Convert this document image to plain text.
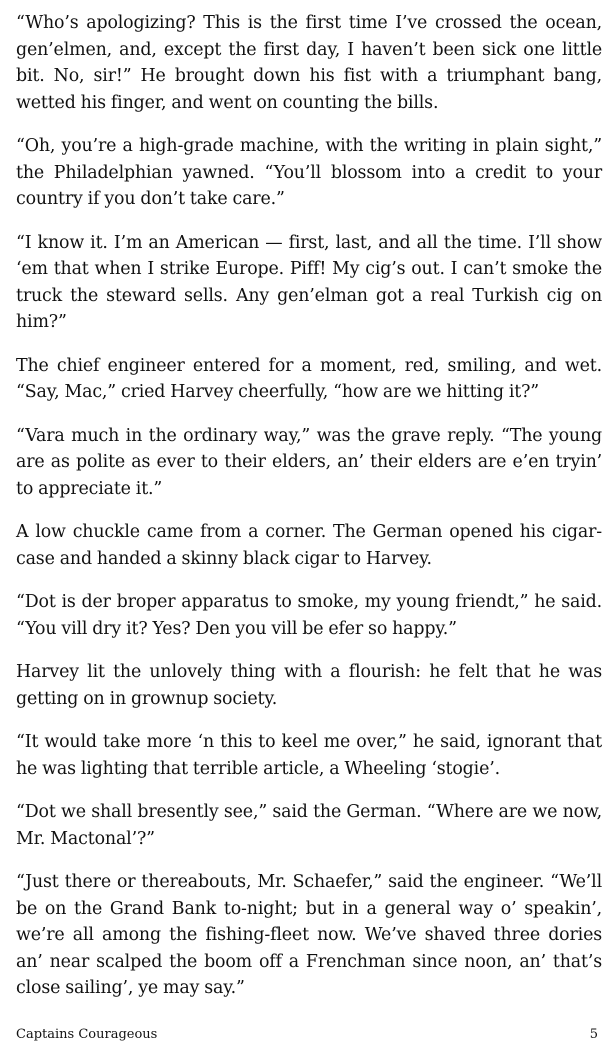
“Who’s apologizing? This is the first time I’ve crossed the ocean, gen’elmen, and, except the first day, I haven’t been sick one little bit. No, sir!” He brought down his fist with a triumphant bang, wetted his finger, and went on counting the bills.

“Oh, you’re a high-grade machine, with the writing in plain sight,” the Philadelphian yawned. “You’ll blossom into a credit to your country if you don’t take care.”

“I know it. I’m an American — first, last, and all the time. I’ll show ‘em that when I strike Europe. Piff! My cig’s out. I can’t smoke the truck the steward sells. Any gen’elman got a real Turkish cig on him?”

The chief engineer entered for a moment, red, smiling, and wet. “Say, Mac,” cried Harvey cheerfully, “how are we hitting it?”

“Vara much in the ordinary way,” was the grave reply. “The young are as polite as ever to their elders, an’ their elders are e’en tryin’ to appreciate it.”

A low chuckle came from a corner. The German opened his cigar-case and handed a skinny black cigar to Harvey.

“Dot is der broper apparatus to smoke, my young friendt,” he said. “You vill dry it? Yes? Den you vill be efer so happy.”

Harvey lit the unlovely thing with a flourish: he felt that he was getting on in grownup society.

“It would take more ‘n this to keel me over,” he said, ignorant that he was lighting that terrible article, a Wheeling ‘stogie’.

“Dot we shall bresently see,” said the German. “Where are we now, Mr. Mactonal’?”

“Just there or thereabouts, Mr. Schaefer,” said the engineer. “We’ll be on the Grand Bank to-night; but in a general way o’ speakin’, we’re all among the fishing-fleet now. We’ve shaved three dories an’ near scalped the boom off a Frenchman since noon, an’ that’s close sailing’, ye may say.”

Captains Courageous	5
